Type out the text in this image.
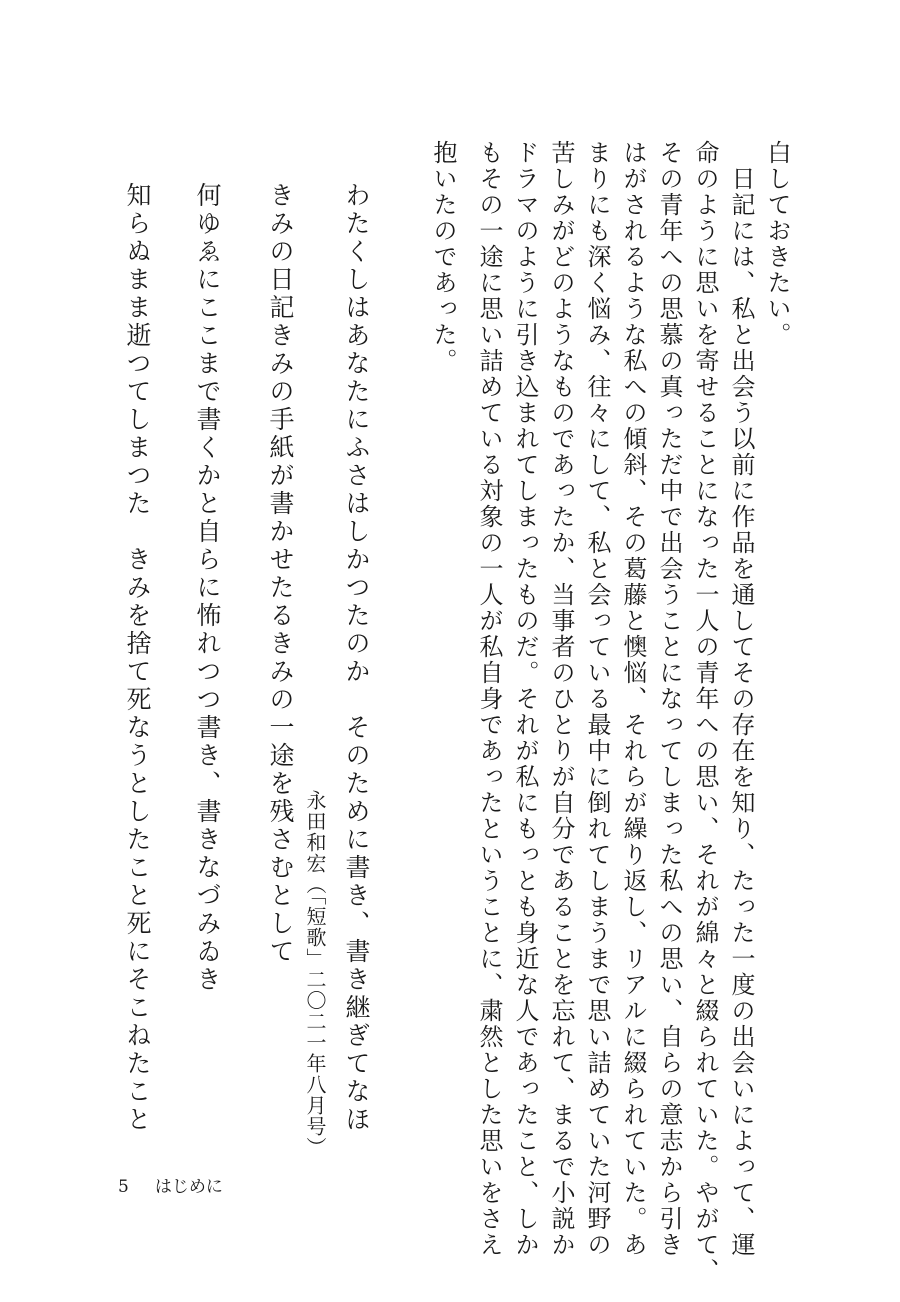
白しておきたい。
　日記には、私と出会う以前に作品を通してその存在を知り、たった一度の出会いによって、運
命のように思いを寄せることになった一人の青年への思い、それが綿々と綴られていた。やがて、
その青年への思慕の真っただ中で出会うことになってしまった私への思い、自らの意志から引き
はがされるような私への傾斜、その葛藤と懊悩、それらが繰り返し、リアルに綴られていた。あ
まりにも深く悩み、往々にして、私と会っている最中に倒れてしまうまで思い詰めていた河野の
苦しみがどのようなものであったか、当事者のひとりが自分であることを忘れて、まるで小説か
ドラマのように引き込まれてしまったものだ。それが私にもっとも身近な人であったこと、しか
もその一途に思い詰めている対象の一人が私自身であったということに、粛然とした思いをさえ
抱いたのであった。
わたくしはあなたにふさはしかつたのか　そのために書き、書き継ぎてなほ
永田和宏（「短歌」二〇二一年八月号）
きみの日記きみの手紙が書かせたるきみの一途を残さむとして
何ゆゑにここまで書くかと自らに怖れつつ書き、書きなづみゐき
知らぬまま逝つてしまつた　きみを捨て死なうとしたこと死にそこねたこと
5 はじめに
